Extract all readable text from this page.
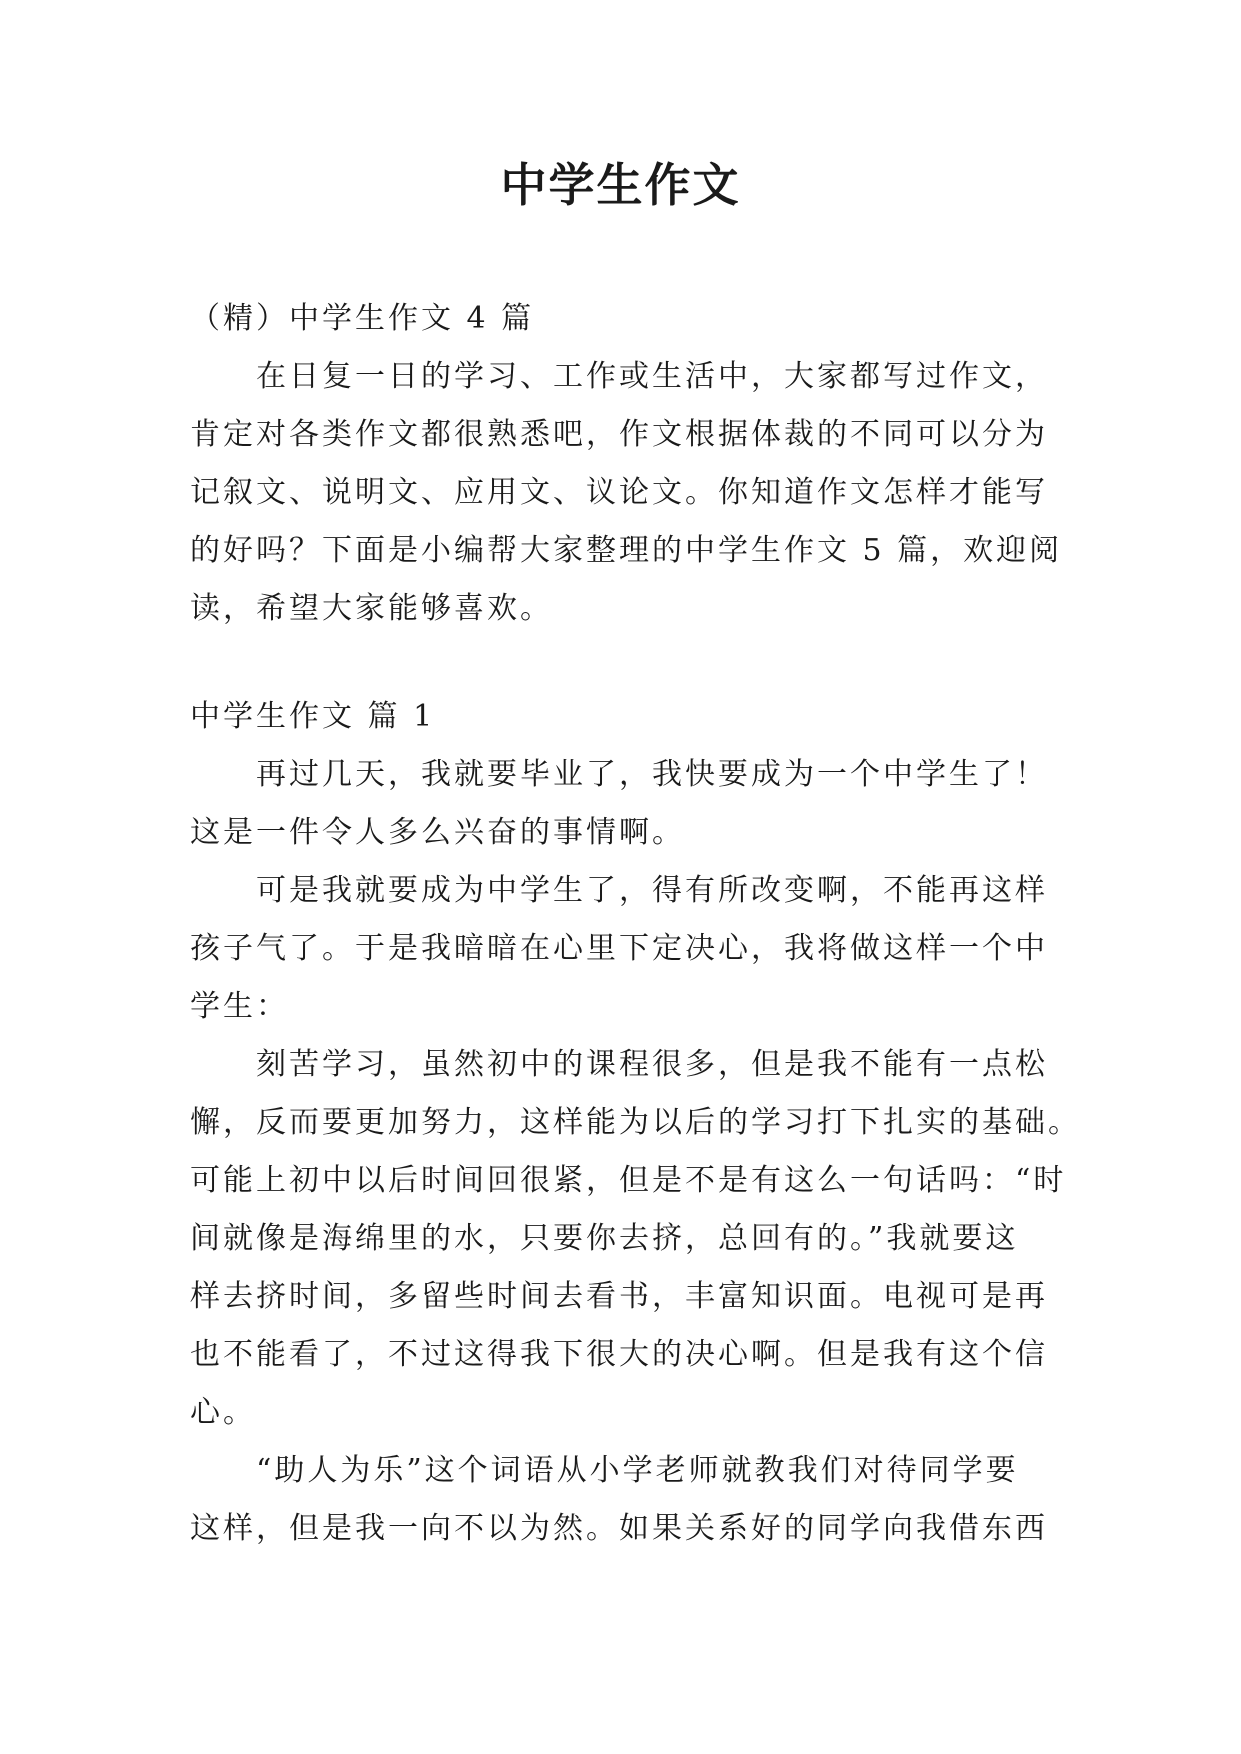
中学生作文
（精）中学生作文 4 篇
在日复一日的学习、工作或生活中，大家都写过作文，
肯定对各类作文都很熟悉吧，作文根据体裁的不同可以分为
记叙文、说明文、应用文、议论文。你知道作文怎样才能写
的好吗？下面是小编帮大家整理的中学生作文 5 篇，欢迎阅
读，希望大家能够喜欢。
中学生作文 篇 1
再过几天，我就要毕业了，我快要成为一个中学生了！
这是一件令人多么兴奋的事情啊。
可是我就要成为中学生了，得有所改变啊，不能再这样
孩子气了。于是我暗暗在心里下定决心，我将做这样一个中
学生：
刻苦学习，虽然初中的课程很多，但是我不能有一点松
懈，反而要更加努力，这样能为以后的学习打下扎实的基础。
可能上初中以后时间回很紧，但是不是有这么一句话吗：“时
间就像是海绵里的水，只要你去挤，总回有的。”我就要这
样去挤时间，多留些时间去看书，丰富知识面。电视可是再
也不能看了，不过这得我下很大的决心啊。但是我有这个信
心。
“助人为乐”这个词语从小学老师就教我们对待同学要
这样，但是我一向不以为然。如果关系好的同学向我借东西
